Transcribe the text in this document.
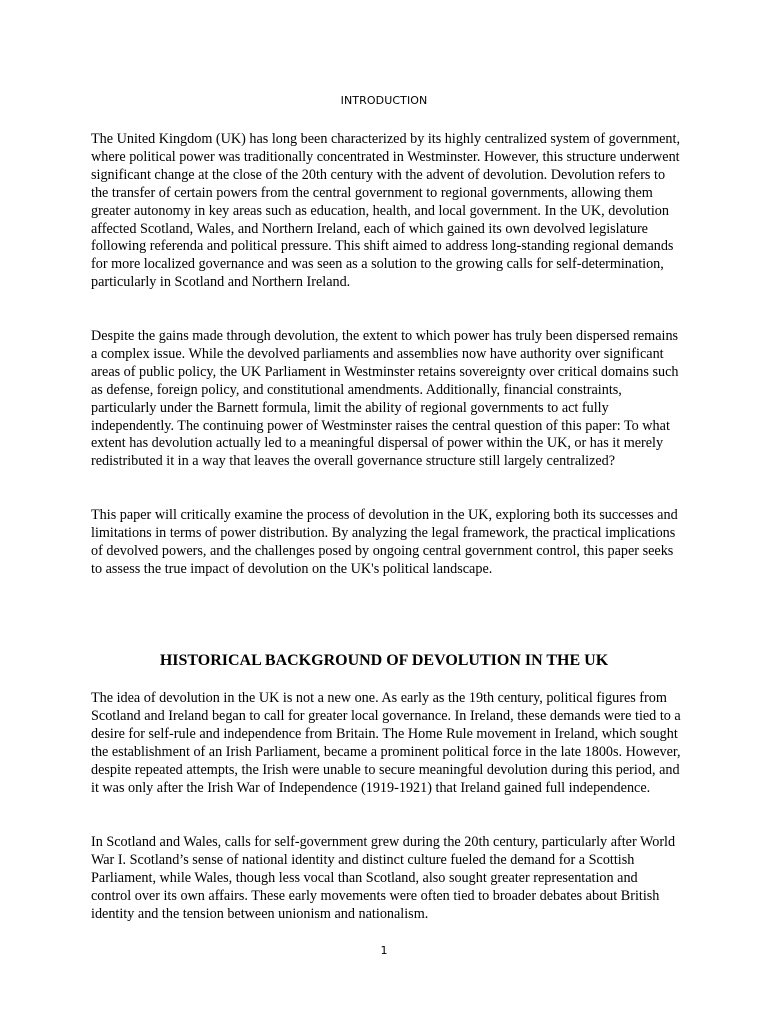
INTRODUCTION

The United Kingdom (UK) has long been characterized by its highly centralized system of government, where political power was traditionally concentrated in Westminster. However, this structure underwent significant change at the close of the 20th century with the advent of devolution. Devolution refers to the transfer of certain powers from the central government to regional governments, allowing them greater autonomy in key areas such as education, health, and local government. In the UK, devolution affected Scotland, Wales, and Northern Ireland, each of which gained its own devolved legislature following referenda and political pressure. This shift aimed to address long-standing regional demands for more localized governance and was seen as a solution to the growing calls for self-determination, particularly in Scotland and Northern Ireland.

Despite the gains made through devolution, the extent to which power has truly been dispersed remains a complex issue. While the devolved parliaments and assemblies now have authority over significant areas of public policy, the UK Parliament in Westminster retains sovereignty over critical domains such as defense, foreign policy, and constitutional amendments. Additionally, financial constraints, particularly under the Barnett formula, limit the ability of regional governments to act fully independently. The continuing power of Westminster raises the central question of this paper: To what extent has devolution actually led to a meaningful dispersal of power within the UK, or has it merely redistributed it in a way that leaves the overall governance structure still largely centralized?

This paper will critically examine the process of devolution in the UK, exploring both its successes and limitations in terms of power distribution. By analyzing the legal framework, the practical implications of devolved powers, and the challenges posed by ongoing central government control, this paper seeks to assess the true impact of devolution on the UK's political landscape.

HISTORICAL BACKGROUND OF DEVOLUTION IN THE UK

The idea of devolution in the UK is not a new one. As early as the 19th century, political figures from Scotland and Ireland began to call for greater local governance. In Ireland, these demands were tied to a desire for self-rule and independence from Britain. The Home Rule movement in Ireland, which sought the establishment of an Irish Parliament, became a prominent political force in the late 1800s. However, despite repeated attempts, the Irish were unable to secure meaningful devolution during this period, and it was only after the Irish War of Independence (1919-1921) that Ireland gained full independence.

In Scotland and Wales, calls for self-government grew during the 20th century, particularly after World War I. Scotland’s sense of national identity and distinct culture fueled the demand for a Scottish Parliament, while Wales, though less vocal than Scotland, also sought greater representation and control over its own affairs. These early movements were often tied to broader debates about British identity and the tension between unionism and nationalism.

1
